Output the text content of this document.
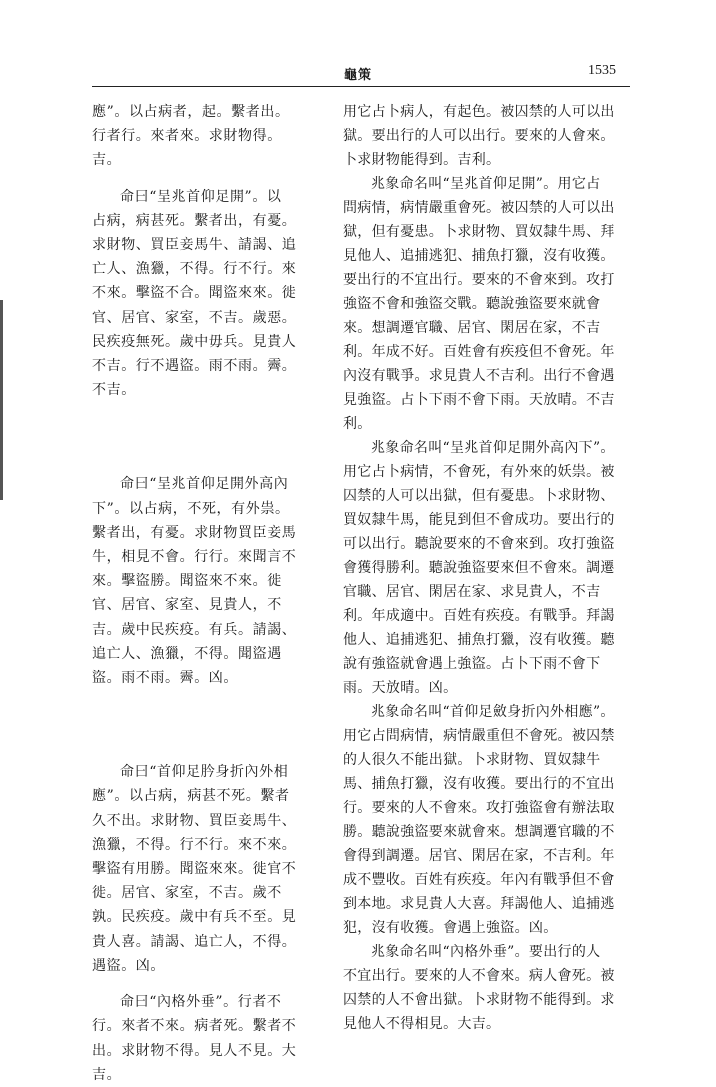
龜策	1535

應”。以占病者，起。繫者出。
行者行。來者來。求財物得。
吉。

命曰“呈兆首仰足開”。以
占病，病甚死。繫者出，有憂。
求財物、買臣妾馬牛、請謁、追
亡人、漁獵，不得。行不行。來
不來。擊盜不合。聞盜來來。徙
官、居官、家室，不吉。歲惡。
民疾疫無死。歲中毋兵。見貴人
不吉。行不遇盜。雨不雨。霽。
不吉。

命曰“呈兆首仰足開外高內
下”。以占病，不死，有外祟。
繫者出，有憂。求財物買臣妾馬
牛，相見不會。行行。來聞言不
來。擊盜勝。聞盜來不來。徙
官、居官、家室、見貴人，不
吉。歲中民疾疫。有兵。請謁、
追亡人、漁獵，不得。聞盜遇
盜。雨不雨。霽。凶。

命曰“首仰足肣身折內外相
應”。以占病，病甚不死。繫者
久不出。求財物、買臣妾馬牛、
漁獵，不得。行不行。來不來。
擊盜有用勝。聞盜來來。徙官不
徙。居官、家室，不吉。歲不
孰。民疾疫。歲中有兵不至。見
貴人喜。請謁、追亡人，不得。
遇盜。凶。

命曰“內格外垂”。行者不
行。來者不來。病者死。繫者不
出。求財物不得。見人不見。大
吉。

用它占卜病人，有起色。被囚禁的人可以出
獄。要出行的人可以出行。要來的人會來。
卜求財物能得到。吉利。

兆象命名叫“呈兆首仰足開”。用它占
問病情，病情嚴重會死。被囚禁的人可以出
獄，但有憂患。卜求財物、買奴隸牛馬、拜
見他人、追捕逃犯、捕魚打獵，沒有收獲。
要出行的不宜出行。要來的不會來到。攻打
強盜不會和強盜交戰。聽說強盜要來就會
來。想調遷官職、居官、閑居在家，不吉
利。年成不好。百姓會有疾疫但不會死。年
內沒有戰爭。求見貴人不吉利。出行不會遇
見強盜。占卜下雨不會下雨。天放晴。不吉
利。

兆象命名叫“呈兆首仰足開外高內下”。
用它占卜病情，不會死，有外來的妖祟。被
囚禁的人可以出獄，但有憂患。卜求財物、
買奴隸牛馬，能見到但不會成功。要出行的
可以出行。聽說要來的不會來到。攻打強盜
會獲得勝利。聽說強盜要來但不會來。調遷
官職、居官、閑居在家、求見貴人，不吉
利。年成適中。百姓有疾疫。有戰爭。拜謁
他人、追捕逃犯、捕魚打獵，沒有收獲。聽
說有強盜就會遇上強盜。占卜下雨不會下
雨。天放晴。凶。

兆象命名叫“首仰足斂身折內外相應”。
用它占問病情，病情嚴重但不會死。被囚禁
的人很久不能出獄。卜求財物、買奴隸牛
馬、捕魚打獵，沒有收獲。要出行的不宜出
行。要來的人不會來。攻打強盜會有辦法取
勝。聽說強盜要來就會來。想調遷官職的不
會得到調遷。居官、閑居在家，不吉利。年
成不豐收。百姓有疾疫。年內有戰爭但不會
到本地。求見貴人大喜。拜謁他人、追捕逃
犯，沒有收獲。會遇上強盜。凶。

兆象命名叫“內格外垂”。要出行的人
不宜出行。要來的人不會來。病人會死。被
囚禁的人不會出獄。卜求財物不能得到。求
見他人不得相見。大吉。
